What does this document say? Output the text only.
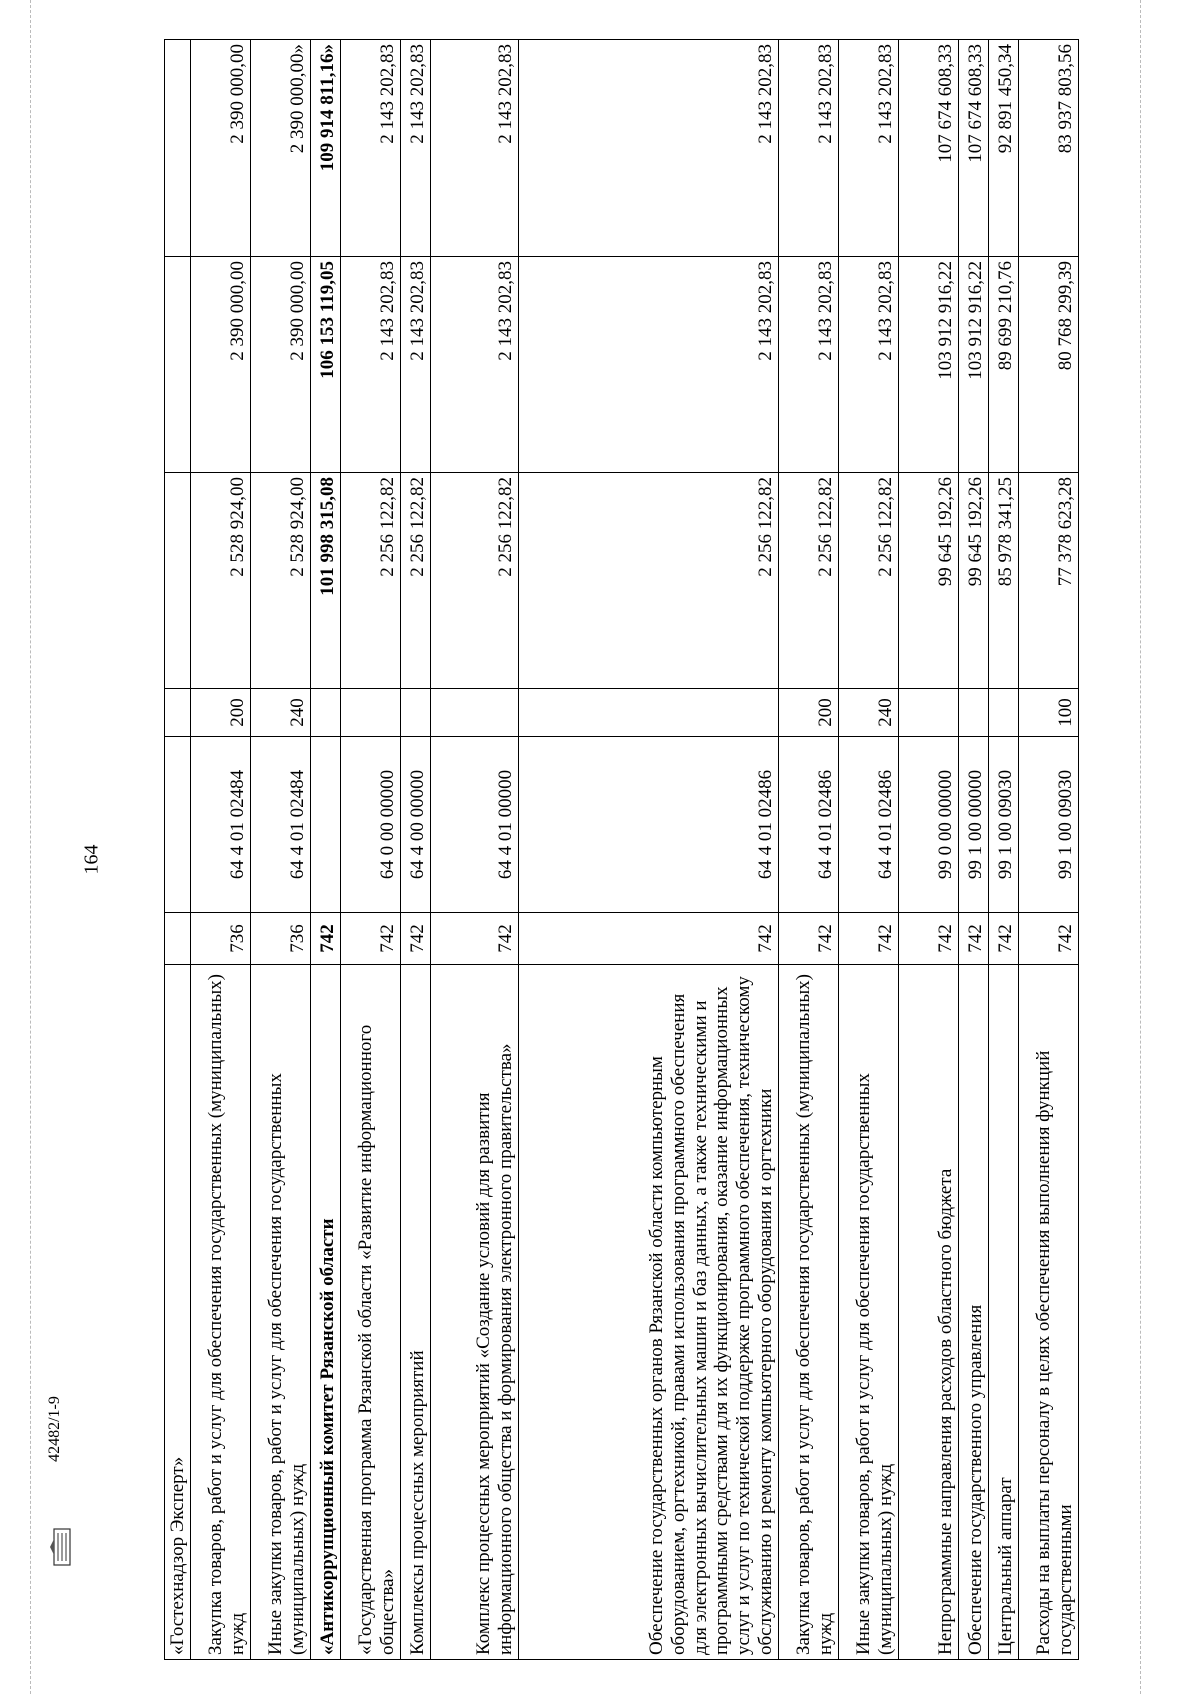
164
42482/1-9
«Гостехнадзор Эксперт»						
Закупка товаров, работ и услуг для обеспечения государственных (муниципальных) нужд	736	64 4 01 02484	200	2 528 924,00	2 390 000,00	2 390 000,00
Иные закупки товаров, работ и услуг для обеспечения государственных (муниципальных) нужд	736	64 4 01 02484	240	2 528 924,00	2 390 000,00	2 390 000,00»
«Антикоррупционный комитет Рязанской области	742			101 998 315,08	106 153 119,05	109 914 811,16»
«Государственная программа Рязанской области «Развитие информационного общества»	742	64 0 00 00000		2 256 122,82	2 143 202,83	2 143 202,83
Комплексы процессных мероприятий	742	64 4 00 00000		2 256 122,82	2 143 202,83	2 143 202,83
Комплекс процессных мероприятий «Создание условий для развития информационного общества и формирования электронного правительства»	742	64 4 01 00000		2 256 122,82	2 143 202,83	2 143 202,83
Обеспечение государственных органов Рязанской области компьютерным оборудованием, оргтехникой, правами использования программного обеспечения для электронных вычислительных машин и баз данных, а также техническими и программными средствами для их функционирования, оказание информационных услуг и услуг по технической поддержке программного обеспечения, техническому обслуживанию и ремонту компьютерного оборудования и оргтехники	742	64 4 01 02486		2 256 122,82	2 143 202,83	2 143 202,83
Закупка товаров, работ и услуг для обеспечения государственных (муниципальных) нужд	742	64 4 01 02486	200	2 256 122,82	2 143 202,83	2 143 202,83
Иные закупки товаров, работ и услуг для обеспечения государственных (муниципальных) нужд	742	64 4 01 02486	240	2 256 122,82	2 143 202,83	2 143 202,83
Непрограммные направления расходов областного бюджета	742	99 0 00 00000		99 645 192,26	103 912 916,22	107 674 608,33
Обеспечение государственного управления	742	99 1 00 00000		99 645 192,26	103 912 916,22	107 674 608,33
Центральный аппарат	742	99 1 00 09030		85 978 341,25	89 699 210,76	92 891 450,34
Расходы на выплаты персоналу в целях обеспечения выполнения функций государственными	742	99 1 00 09030	100	77 378 623,28	80 768 299,39	83 937 803,56
